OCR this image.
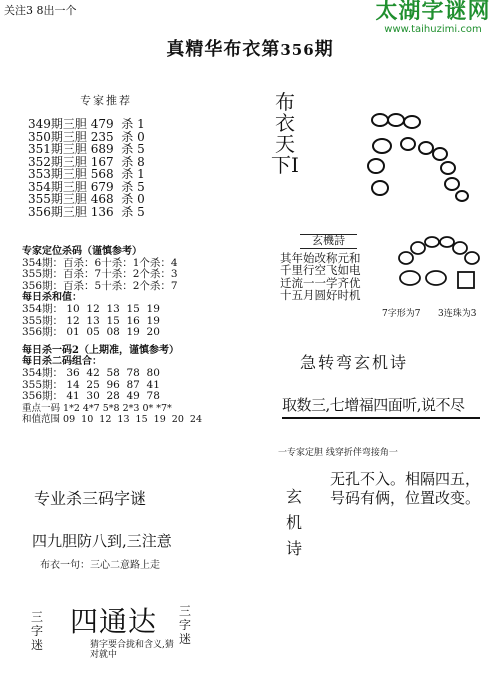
关注3 8出一个	太湖字谜网
www.taihuzimi.com
真精华布衣第356期
专家推荐
349期三胆 479  杀 1
350期三胆 235  杀 0
351期三胆 689  杀 5
352期三胆 167  杀 8
353期三胆 568  杀 1
354期三胆 679  杀 5
355期三胆 468  杀 0
356期三胆 136  杀 5
专家定位杀码（谨慎参考）
354期：百杀：6十杀：1个杀：4
355期：百杀：7十杀：2个杀：3
356期：百杀：5十杀：2个杀：7
每日杀和值：
354期： 10  12  13  15  19
355期： 12  13  15  16  19
356期： 01  05  08  19  20
每日杀一码2（上期准，谨慎参考）
每日杀二码组合：
354期： 36  42  58  78  80
355期： 14  25  96  87  41
356期： 41  30  28  49  78
重点一码 1*2 4*7 5*8 2*3 0* *7*
和值范围 09  10  12  13  15  19  20  24
专业杀三码字谜
四九胆防八到,三注意
布衣一句：三心二意路上走
三字迷
四通达 三字迷
猜字要合拢和含义,猜对就中
布衣天下I
玄機詩
其年始改称元和
千里行空飞如电
迁流一一学齐优
十五月圆好时机
7字形为7 3连珠为3
急转弯玄机诗
取数三,七增福四面听,说不尽
一专家定胆 线穿折伴弯接角一
玄机诗
无孔不入。相隔四五，
号码有俩，位置改变。
